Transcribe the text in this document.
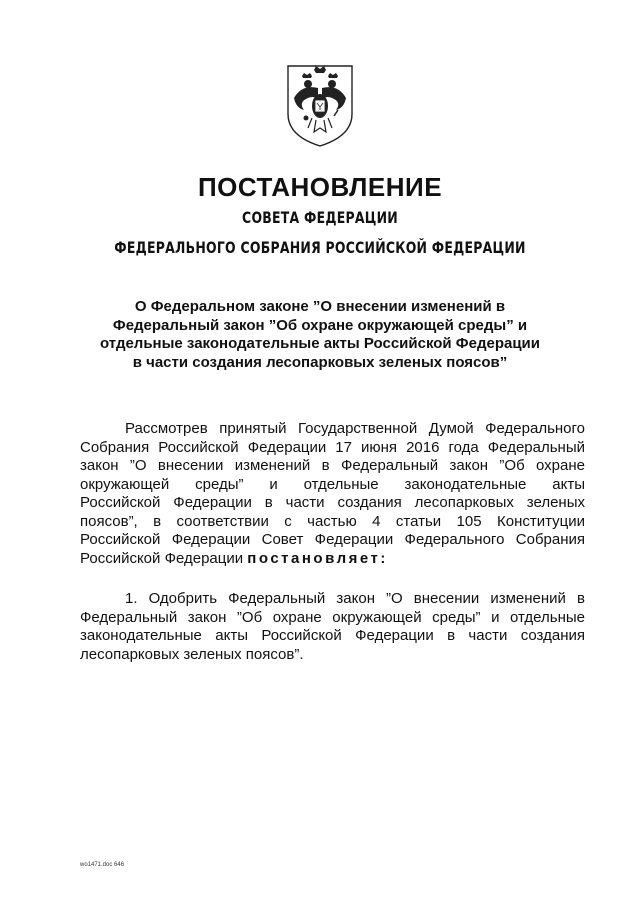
ПОСТАНОВЛЕНИЕ
СОВЕТА ФЕДЕРАЦИИ
ФЕДЕРАЛЬНОГО СОБРАНИЯ РОССИЙСКОЙ ФЕДЕРАЦИИ
О Федеральном законе ”О внесении изменений в
Федеральный закон ”Об охране окружающей среды” и
отдельные законодательные акты Российской Федерации
в части создания лесопарковых зеленых поясов”
Рассмотрев принятый Государственной Думой Федерального
Собрания Российской Федерации 17 июня 2016 года Федеральный
закон ”О внесении изменений в Федеральный закон ”Об охране
окружающей среды” и отдельные законодательные акты
Российской Федерации в части создания лесопарковых зеленых
поясов”, в соответствии с частью 4 статьи 105 Конституции
Российской Федерации Совет Федерации Федерального Собрания
Российской Федерации постановляет:
1. Одобрить Федеральный закон ”О внесении изменений в
Федеральный закон ”Об охране окружающей среды” и отдельные
законодательные акты Российской Федерации в части создания
лесопарковых зеленых поясов”.
wo1471.doc 646
